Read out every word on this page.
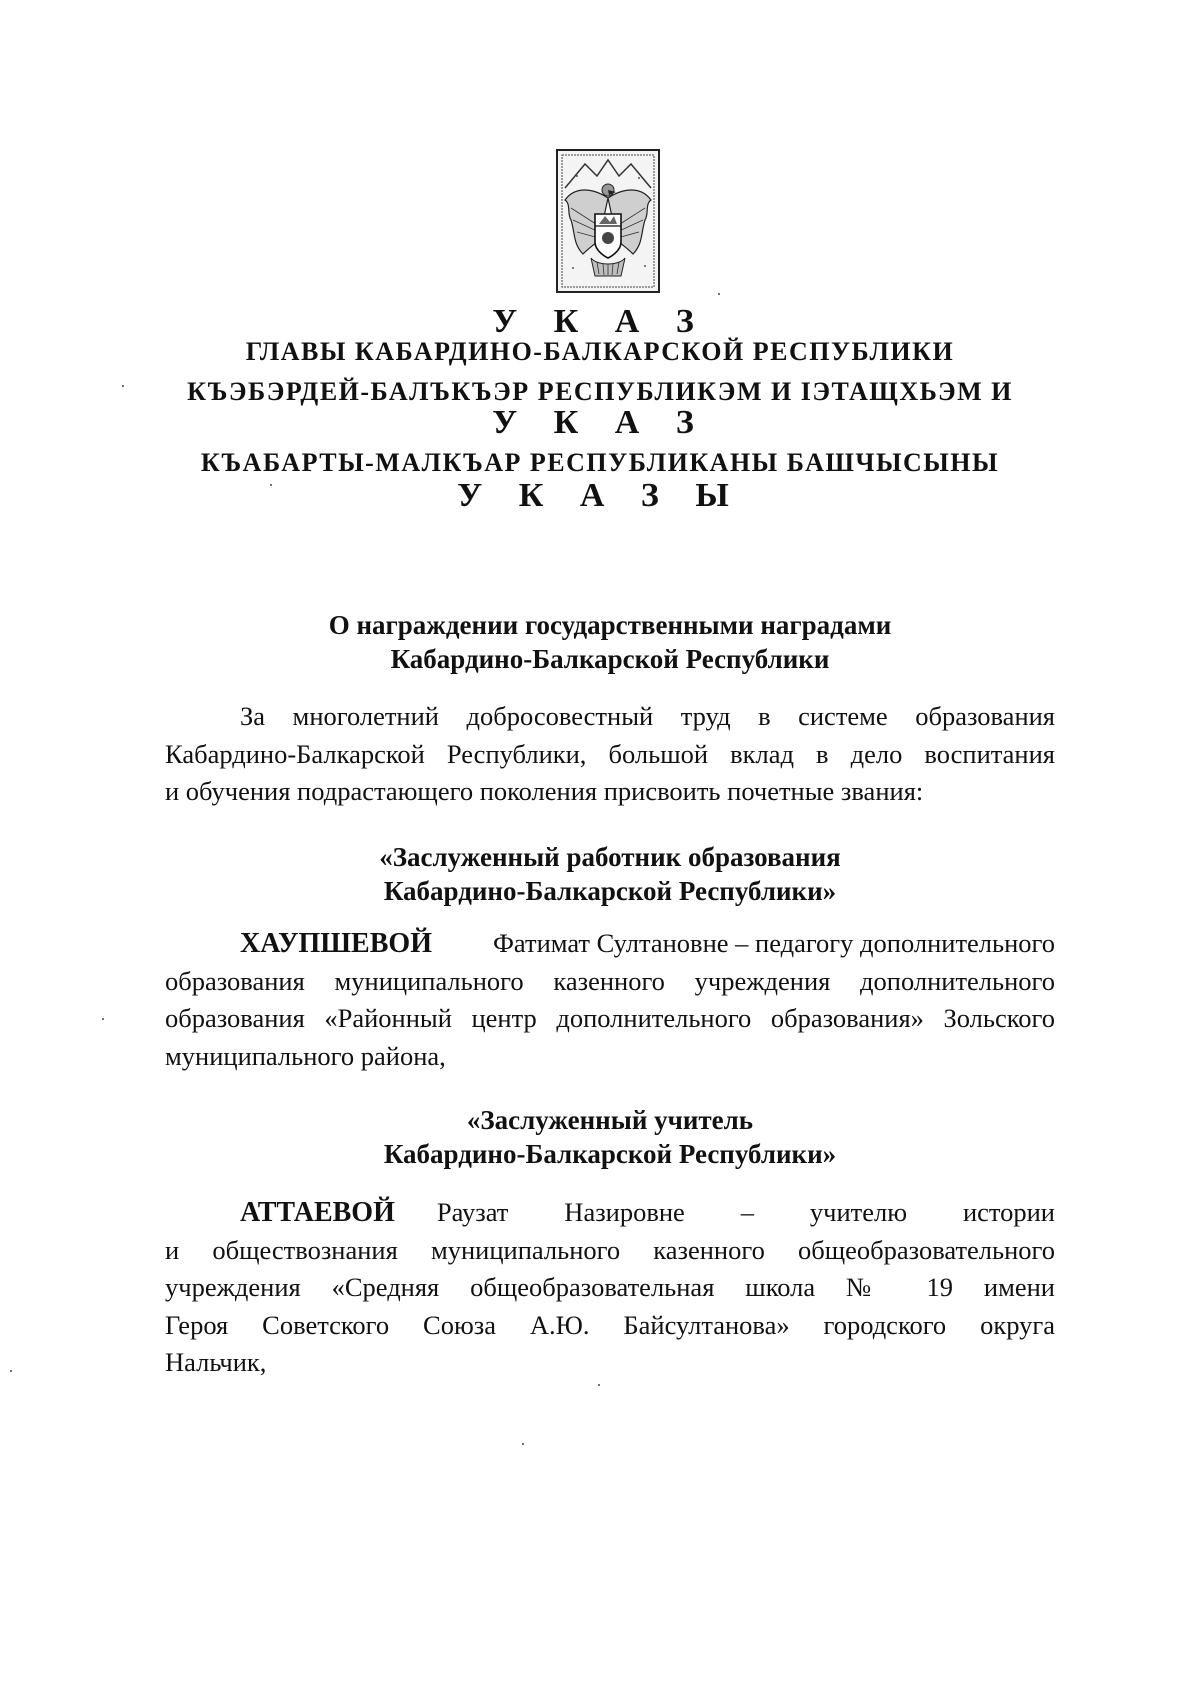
У К А З
ГЛАВЫ КАБАРДИНО-БАЛКАРСКОЙ РЕСПУБЛИКИ
КЪЭБЭРДЕЙ-БАЛЪКЪЭР РЕСПУБЛИКЭМ И IЭТАЩХЬЭМ И
У К А З
КЪАБАРТЫ-МАЛКЪАР РЕСПУБЛИКАНЫ БАШЧЫСЫНЫ
У К А З Ы
О награждении государственными наградами
Кабардино-Балкарской Республики
За многолетний добросовестный труд в системе образования
Кабардино-Балкарской Республики, большой вклад в дело воспитания
и обучения подрастающего поколения присвоить почетные звания:
«Заслуженный работник образования
Кабардино-Балкарской Республики»
ХАУПШЕВОЙ Фатимат Султановне – педагогу дополнительного
образования муниципального казенного учреждения дополнительного
образования «Районный центр дополнительного образования» Зольского
муниципального района,
«Заслуженный учитель
Кабардино-Балкарской Республики»
АТТАЕВОЙ Раузат Назировне – учителю истории
и обществознания муниципального казенного общеобразовательного
учреждения «Средняя общеобразовательная школа № 19 имени
Героя Советского Союза А.Ю. Байсултанова» городского округа
Нальчик,
